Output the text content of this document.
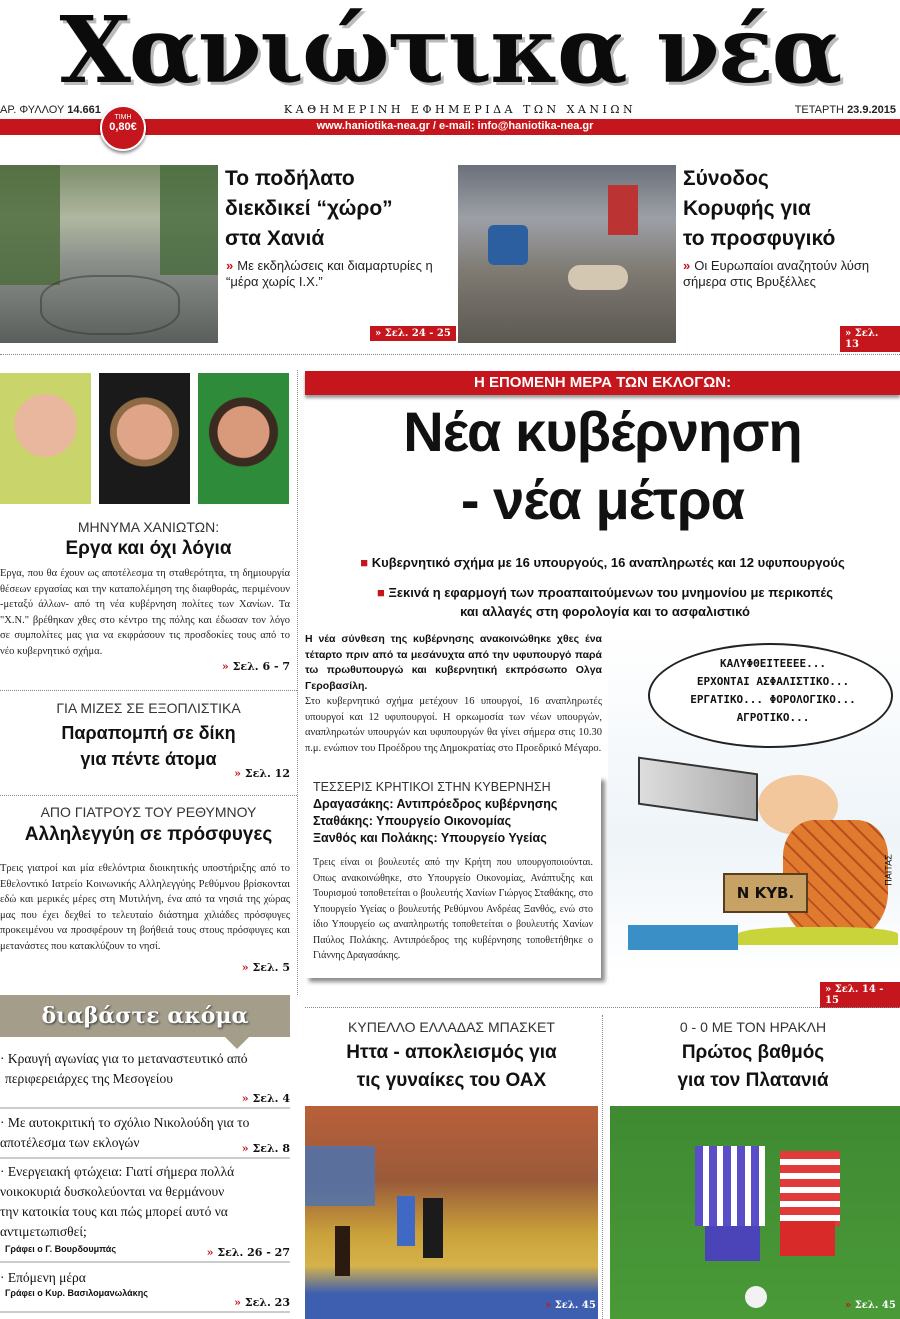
Χανιώτικα νέα
ΑΡ. ΦΥΛΛΟΥ 14.661	ΚΑΘΗΜΕΡΙΝΗ ΕΦΗΜΕΡΙΔΑ ΤΩΝ ΧΑΝΙΩΝ	ΤΕΤΑΡΤΗ 23.9.2015
www.haniotika-nea.gr / e-mail: info@haniotika-nea.gr
ΤΙΜΗ
0,80€
Το ποδήλατο
διεκδικεί “χώρο”
στα Χανιά
» Με εκδηλώσεις και διαμαρτυρίες η “μέρα χωρίς Ι.Χ.”
» Σελ. 24 - 25
Σύνοδος
Κορυφής για
το προσφυγικό
» Οι Ευρωπαίοι αναζητούν λύση σήμερα στις Βρυξέλλες
» Σελ. 13
ΜΗΝΥΜΑ ΧΑΝΙΩΤΩΝ:
Εργα και όχι λόγια
Εργα, που θα έχουν ως αποτέλεσμα τη σταθερότητα, τη δημιουργία θέσεων εργασίας και την καταπολέμηση της διαφθοράς, περιμένουν -μεταξύ άλλων- από τη νέα κυβέρνηση πολίτες των Χανίων. Τα "Χ.Ν." βρέθηκαν χθες στο κέντρο της πόλης και έδωσαν τον λόγο σε συμπολίτες μας για να εκφράσουν τις προσδοκίες τους από το νέο κυβερνητικό σχήμα.
» Σελ. 6 - 7
ΓΙΑ ΜΙΖΕΣ ΣΕ ΕΞΟΠΛΙΣΤΙΚΑ
Παραπομπή σε δίκη
για πέντε άτομα
» Σελ. 12
ΑΠΟ ΓΙΑΤΡΟΥΣ ΤΟΥ ΡΕΘΥΜΝΟΥ
Αλληλεγγύη σε πρόσφυγες
Τρεις γιατροί και μία εθελόντρια διοικητικής υποστήριξης από το Εθελοντικό Ιατρείο Κοινωνικής Αλληλεγγύης Ρεθύμνου βρίσκονται εδώ και μερικές μέρες στη Μυτιλήνη, ένα από τα νησιά της χώρας μας που έχει δεχθεί το τελευταίο διάστημα χιλιάδες πρόσφυγες προκειμένου να προσφέρουν τη βοήθειά τους στους πρόσφυγες και μετανάστες που κατακλύζουν το νησί.
» Σελ. 5
Η ΕΠΟΜΕΝΗ ΜΕΡΑ ΤΩΝ ΕΚΛΟΓΩΝ:
Νέα κυβέρνηση
- νέα μέτρα
■ Κυβερνητικό σχήμα με 16 υπουργούς, 16 αναπληρωτές και 12 υφυπουργούς
■ Ξεκινά η εφαρμογή των προαπαιτούμενων του μνημονίου με περικοπές και αλλαγές στη φορολογία και το ασφαλιστικό
Η νέα σύνθεση της κυβέρνησης ανακοινώθηκε χθες ένα τέταρτο πριν από τα μεσάνυχτα από την υφυπουργό παρά τω πρωθυπουργώ και κυβερνητική εκπρόσωπο Ολγα Γεροβασίλη.
Στο κυβερνητικό σχήμα μετέχουν 16 υπουργοί, 16 αναπληρωτές υπουργοί και 12 υφυπουργοί. Η ορκωμοσία των νέων υπουργών, αναπληρωτών υπουργών και υφυπουργών θα γίνει σήμερα στις 10.30 π.μ. ενώπιον του Προέδρου της Δημοκρατίας στο Προεδρικό Μέγαρο.
ΤΕΣΣΕΡΙΣ ΚΡΗΤΙΚΟΙ ΣΤΗΝ ΚΥΒΕΡΝΗΣΗ
Δραγασάκης: Αντιπρόεδρος κυβέρνησης
Σταθάκης: Υπουργείο Οικονομίας
Ξανθός και Πολάκης: Υπουργείο Υγείας
Τρεις είναι οι βουλευτές από την Κρήτη που υπουργοποιούνται. Οπως ανακοινώθηκε, στο Υπουργείο Οικονομίας, Ανάπτυξης και Τουρισμού τοποθετείται ο βουλευτής Χανίων Γιώργος Σταθάκης, στο Υπουργείο Υγείας ο βουλευτής Ρεθύμνου Ανδρέας Ξανθός, ενώ στο ίδιο Υπουργείο ως αναπληρωτής τοποθετείται ο βουλευτής Χανίων Παύλος Πολάκης. Αντιπρόεδρος της κυβέρνησης τοποθετήθηκε ο Γιάννης Δραγασάκης.
ΚΑΛΥΦΘΕΙΤΕΕΕΕ...
ΕΡΧΟΝΤΑΙ ΑΣΦΑΛΙΣΤΙΚΟ...
ΕΡΓΑΤΙΚΟ... ΦΟΡΟΛΟΓΙΚΟ...
ΑΓΡΟΤΙΚΟ...
N ΚΥΒ.
ΠΑΙΤΑΣ
» Σελ. 14 - 15
διαβάστε ακόμα
· Κραυγή αγωνίας για το μεταναστευτικό από περιφερειάρχες της Μεσογείου
» Σελ. 4
· Με αυτοκριτική το σχόλιο Νικολούδη για το αποτέλεσμα των εκλογών	» Σελ. 8
· Ενεργειακή φτώχεια: Γιατί σήμερα πολλά νοικοκυριά δυσκολεύονται να θερμάνουν την κατοικία τους και πώς μπορεί αυτό να αντιμετωπισθεί;
Γράφει ο Γ. Βουρδουμπάς	» Σελ. 26 - 27
· Επόμενη μέρα
Γράφει ο Κυρ. Βασιλομανωλάκης
» Σελ. 23
ΚΥΠΕΛΛΟ ΕΛΛΑΔΑΣ ΜΠΑΣΚΕΤ
Ηττα - αποκλεισμός για
τις γυναίκες του ΟΑΧ
» Σελ. 45
0 - 0 ΜΕ ΤΟΝ ΗΡΑΚΛΗ
Πρώτος βαθμός
για τον Πλατανιά
» Σελ. 45
